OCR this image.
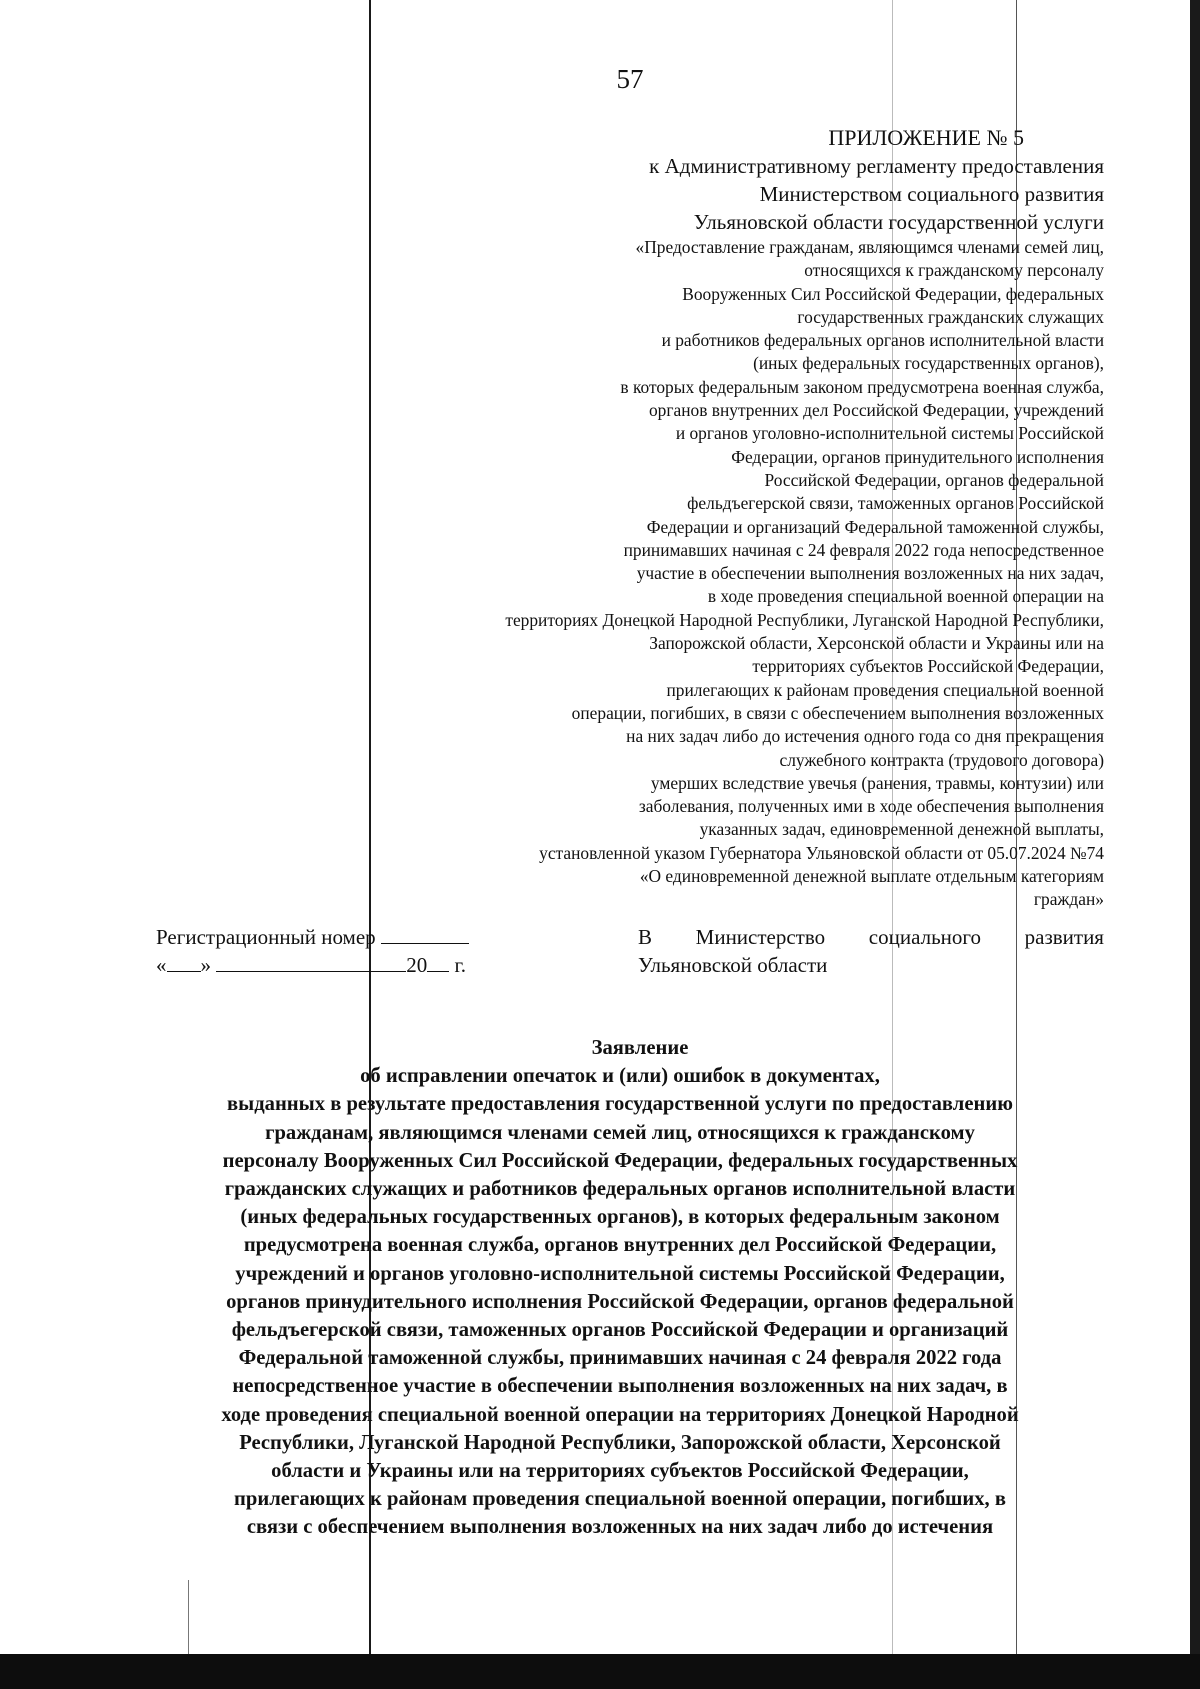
57
ПРИЛОЖЕНИЕ № 5
к Административному регламенту предоставления
Министерством социального развития
Ульяновской области государственной услуги
«Предоставление гражданам, являющимся членами семей лиц,
относящихся к гражданскому персоналу
Вооруженных Сил Российской Федерации, федеральных
государственных гражданских служащих
и работников федеральных органов исполнительной власти
(иных федеральных государственных органов),
в которых федеральным законом предусмотрена военная служба,
органов внутренних дел Российской Федерации, учреждений
и органов уголовно-исполнительной системы Российской
Федерации, органов принудительного исполнения
Российской Федерации, органов федеральной
фельдъегерской связи, таможенных органов Российской
Федерации и организаций Федеральной таможенной службы,
принимавших начиная с 24 февраля 2022 года непосредственное
участие в обеспечении выполнения возложенных на них задач,
в ходе проведения специальной военной операции на
территориях Донецкой Народной Республики, Луганской Народной Республики,
Запорожской области, Херсонской области и Украины или на
территориях субъектов Российской Федерации,
прилегающих к районам проведения специальной военной
операции, погибших, в связи с обеспечением выполнения возложенных
на них задач либо до истечения одного года со дня прекращения
служебного контракта (трудового договора)
умерших вследствие увечья (ранения, травмы, контузии) или
заболевания, полученных ими в ходе обеспечения выполнения
указанных задач, единовременной денежной выплаты,
установленной указом Губернатора Ульяновской области от 05.07.2024 №74
«О единовременной денежной выплате отдельным категориям
граждан»
Регистрационный номер
« »	20 г.
В Министерство социального развития
Ульяновской области
Заявление
об исправлении опечаток и (или) ошибок в документах,
выданных в результате предоставления государственной услуги по предоставлению
гражданам, являющимся членами семей лиц, относящихся к гражданскому
персоналу Вооруженных Сил Российской Федерации, федеральных государственных
гражданских служащих и работников федеральных органов исполнительной власти
(иных федеральных государственных органов), в которых федеральным законом
предусмотрена военная служба, органов внутренних дел Российской Федерации,
учреждений и органов уголовно-исполнительной системы Российской Федерации,
органов принудительного исполнения Российской Федерации, органов федеральной
фельдъегерской связи, таможенных органов Российской Федерации и организаций
Федеральной таможенной службы, принимавших начиная с 24 февраля 2022 года
непосредственное участие в обеспечении выполнения возложенных на них задач, в
ходе проведения специальной военной операции на территориях Донецкой Народной
Республики, Луганской Народной Республики, Запорожской области, Херсонской
области и Украины или на территориях субъектов Российской Федерации,
прилегающих к районам проведения специальной военной операции, погибших, в
связи с обеспечением выполнения возложенных на них задач либо до истечения
